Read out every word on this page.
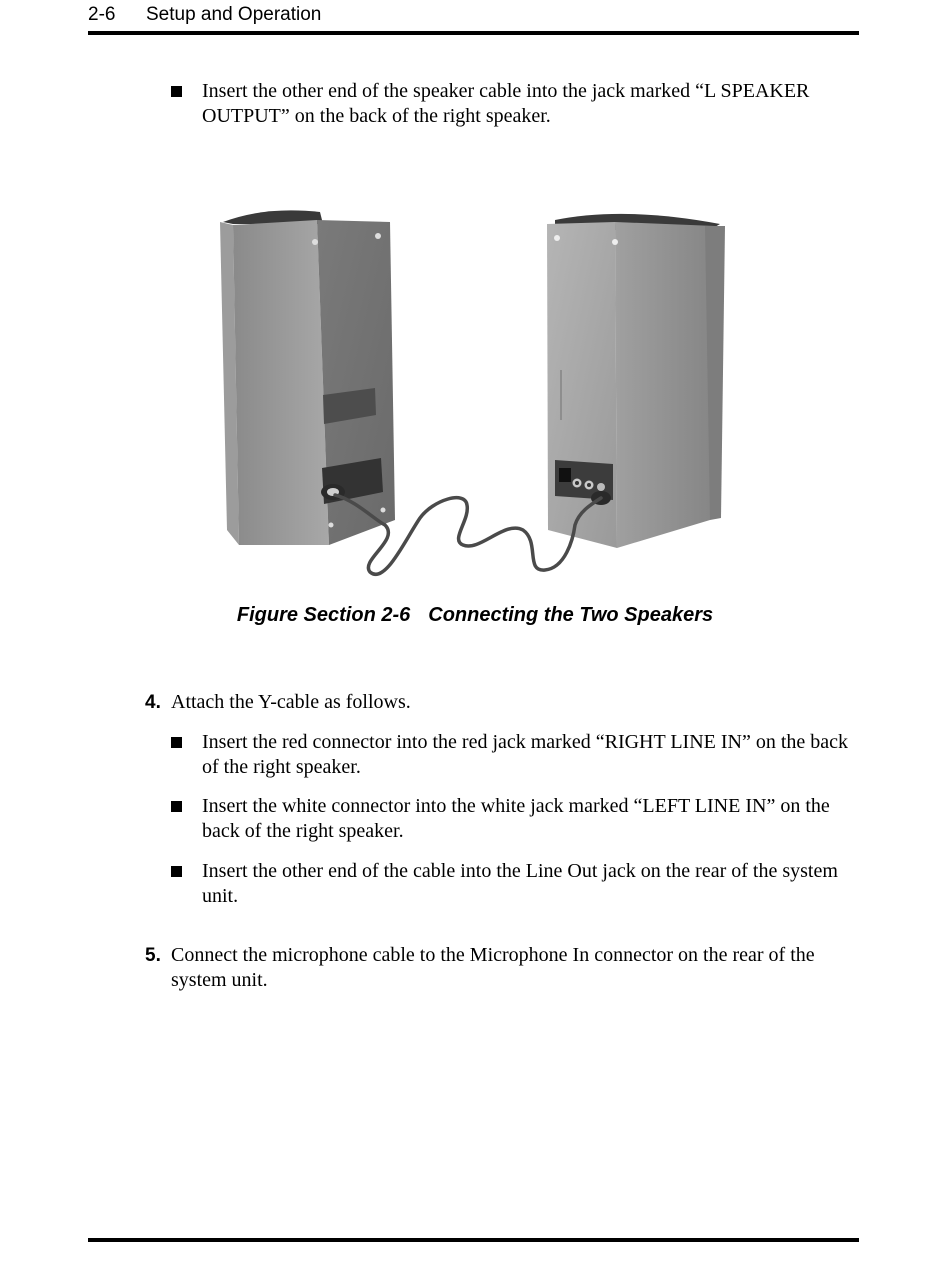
2-6 Setup and Operation
Insert the other end of the speaker cable into the jack marked “L SPEAKER OUTPUT” on the back of the right speaker.
Figure Section 2-6 Connecting the Two Speakers
4. Attach the Y-cable as follows.
Insert the red connector into the red jack marked “RIGHT LINE IN” on the back of the right speaker.
Insert the white connector into the white jack marked “LEFT LINE IN” on the back of the right speaker.
Insert the other end of the cable into the Line Out jack on the rear of the system unit.
5. Connect the microphone cable to the Microphone In connector on the rear of the system unit.
